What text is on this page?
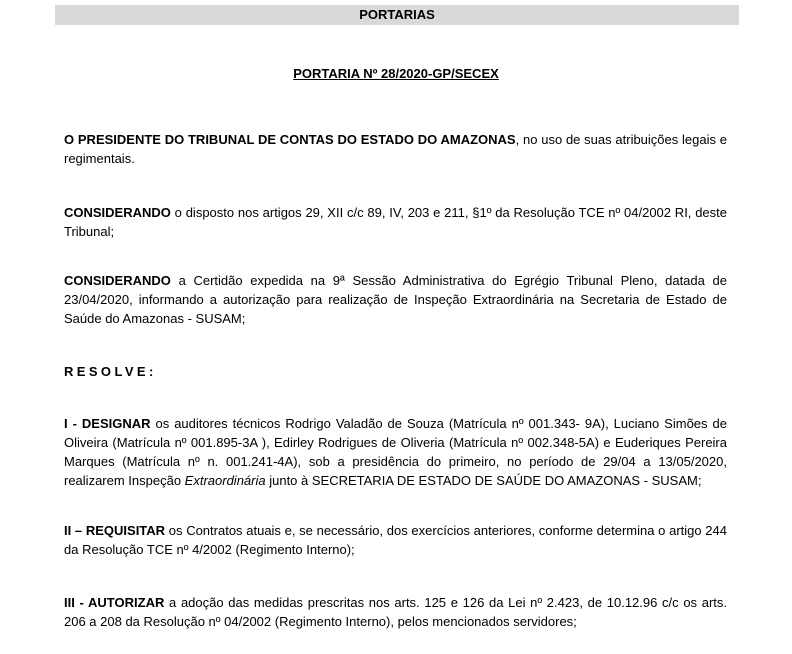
PORTARIAS
PORTARIA Nº 28/2020-GP/SECEX
O PRESIDENTE DO TRIBUNAL DE CONTAS DO ESTADO DO AMAZONAS, no uso de suas atribuições legais e regimentais.
CONSIDERANDO o disposto nos artigos 29, XII c/c 89, IV, 203 e 211, §1º da Resolução TCE nº 04/2002 RI, deste Tribunal;
CONSIDERANDO a Certidão expedida na 9ª Sessão Administrativa do Egrégio Tribunal Pleno, datada de 23/04/2020, informando a autorização para realização de Inspeção Extraordinária na Secretaria de Estado de Saúde do Amazonas - SUSAM;
RESOLVE:
I - DESIGNAR os auditores técnicos Rodrigo Valadão de Souza (Matrícula nº 001.343- 9A), Luciano Simões de Oliveira (Matrícula nº 001.895-3A ), Edirley Rodrigues de Oliveria (Matrícula nº 002.348-5A) e Euderiques Pereira Marques (Matrícula nº n. 001.241-4A), sob a presidência do primeiro, no período de 29/04 a 13/05/2020, realizarem Inspeção Extraordinária junto à SECRETARIA DE ESTADO DE SAÚDE DO AMAZONAS - SUSAM;
II – REQUISITAR os Contratos atuais e, se necessário, dos exercícios anteriores, conforme determina o artigo 244 da Resolução TCE nº 4/2002 (Regimento Interno);
III - AUTORIZAR a adoção das medidas prescritas nos arts. 125 e 126 da Lei nº 2.423, de 10.12.96 c/c os arts. 206 a 208 da Resolução nº 04/2002 (Regimento Interno), pelos mencionados servidores;
